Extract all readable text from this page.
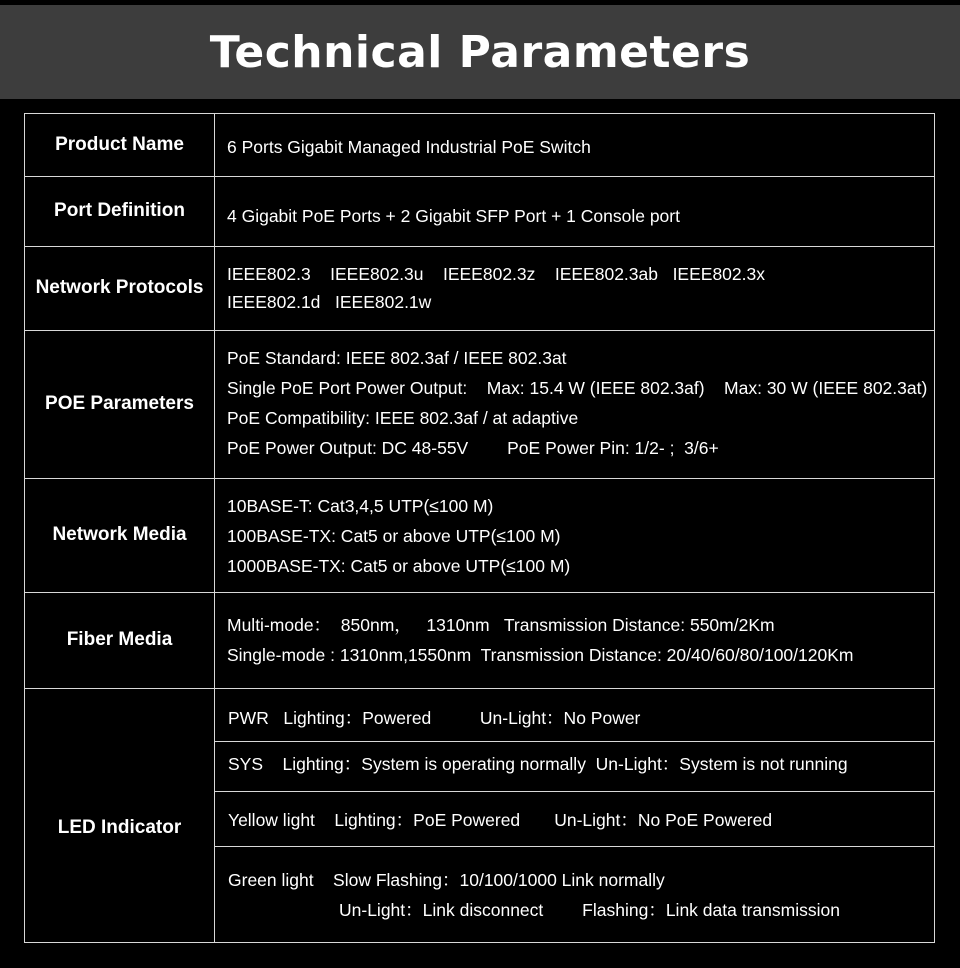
Technical Parameters
Product Name	6 Ports Gigabit Managed Industrial PoE Switch
Port Definition	4 Gigabit PoE Ports + 2 Gigabit SFP Port + 1 Console port
Network Protocols
IEEE802.3    IEEE802.3u    IEEE802.3z    IEEE802.3ab   IEEE802.3x
IEEE802.1d   IEEE802.1w
POE Parameters
PoE Standard: IEEE 802.3af / IEEE 802.3at
Single PoE Port Power Output:    Max: 15.4 W (IEEE 802.3af)    Max: 30 W (IEEE 802.3at)
PoE Compatibility: IEEE 802.3af / at adaptive
PoE Power Output: DC 48-55V        PoE Power Pin: 1/2- ;  3/6+
Network Media
10BASE-T: Cat3,4,5 UTP(≤100 M)
100BASE-TX: Cat5 or above UTP(≤100 M)
1000BASE-TX: Cat5 or above UTP(≤100 M)
Fiber Media
Multi-mode：  850nm，   1310nm   Transmission Distance: 550m/2Km
Single-mode : 1310nm,1550nm  Transmission Distance: 20/40/60/80/100/120Km
LED Indicator
PWR   Lighting：Powered          Un-Light：No Power
SYS    Lighting：System is operating normally  Un-Light：System is not running
Yellow light    Lighting：PoE Powered       Un-Light：No PoE Powered
Green light    Slow Flashing：10/100/1000 Link normally
Un-Light：Link disconnect        Flashing：Link data transmission
